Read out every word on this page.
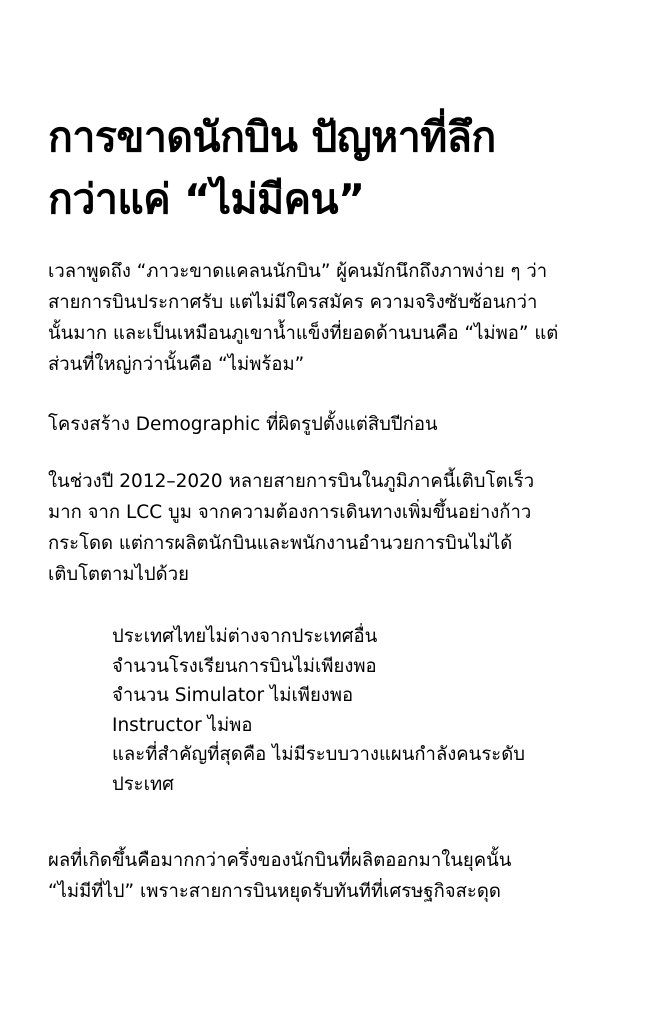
การขาดนักบิน ปัญหาที่ลึก
กว่าแค่ “ไม่มีคน”

เวลาพูดถึง “ภาวะขาดแคลนนักบิน” ผู้คนมักนึกถึงภาพง่าย ๆ ว่า
สายการบินประกาศรับ แต่ไม่มีใครสมัคร ความจริงซับซ้อนกว่า
นั้นมาก และเป็นเหมือนภูเขาน้ำแข็งที่ยอดด้านบนคือ “ไม่พอ” แต่
ส่วนที่ใหญ่กว่านั้นคือ “ไม่พร้อม”

โครงสร้าง Demographic ที่ผิดรูปตั้งแต่สิบปีก่อน

ในช่วงปี 2012–2020 หลายสายการบินในภูมิภาคนี้เติบโตเร็ว
มาก จาก LCC บูม จากความต้องการเดินทางเพิ่มขึ้นอย่างก้าว
กระโดด แต่การผลิตนักบินและพนักงานอำนวยการบินไม่ได้
เติบโตตามไปด้วย

ประเทศไทยไม่ต่างจากประเทศอื่น
จำนวนโรงเรียนการบินไม่เพียงพอ
จำนวน Simulator ไม่เพียงพอ
Instructor ไม่พอ
และที่สำคัญที่สุดคือ ไม่มีระบบวางแผนกำลังคนระดับ
ประเทศ

ผลที่เกิดขึ้นคือมากกว่าครึ่งของนักบินที่ผลิตออกมาในยุคนั้น
“ไม่มีที่ไป” เพราะสายการบินหยุดรับทันทีที่เศรษฐกิจสะดุด
